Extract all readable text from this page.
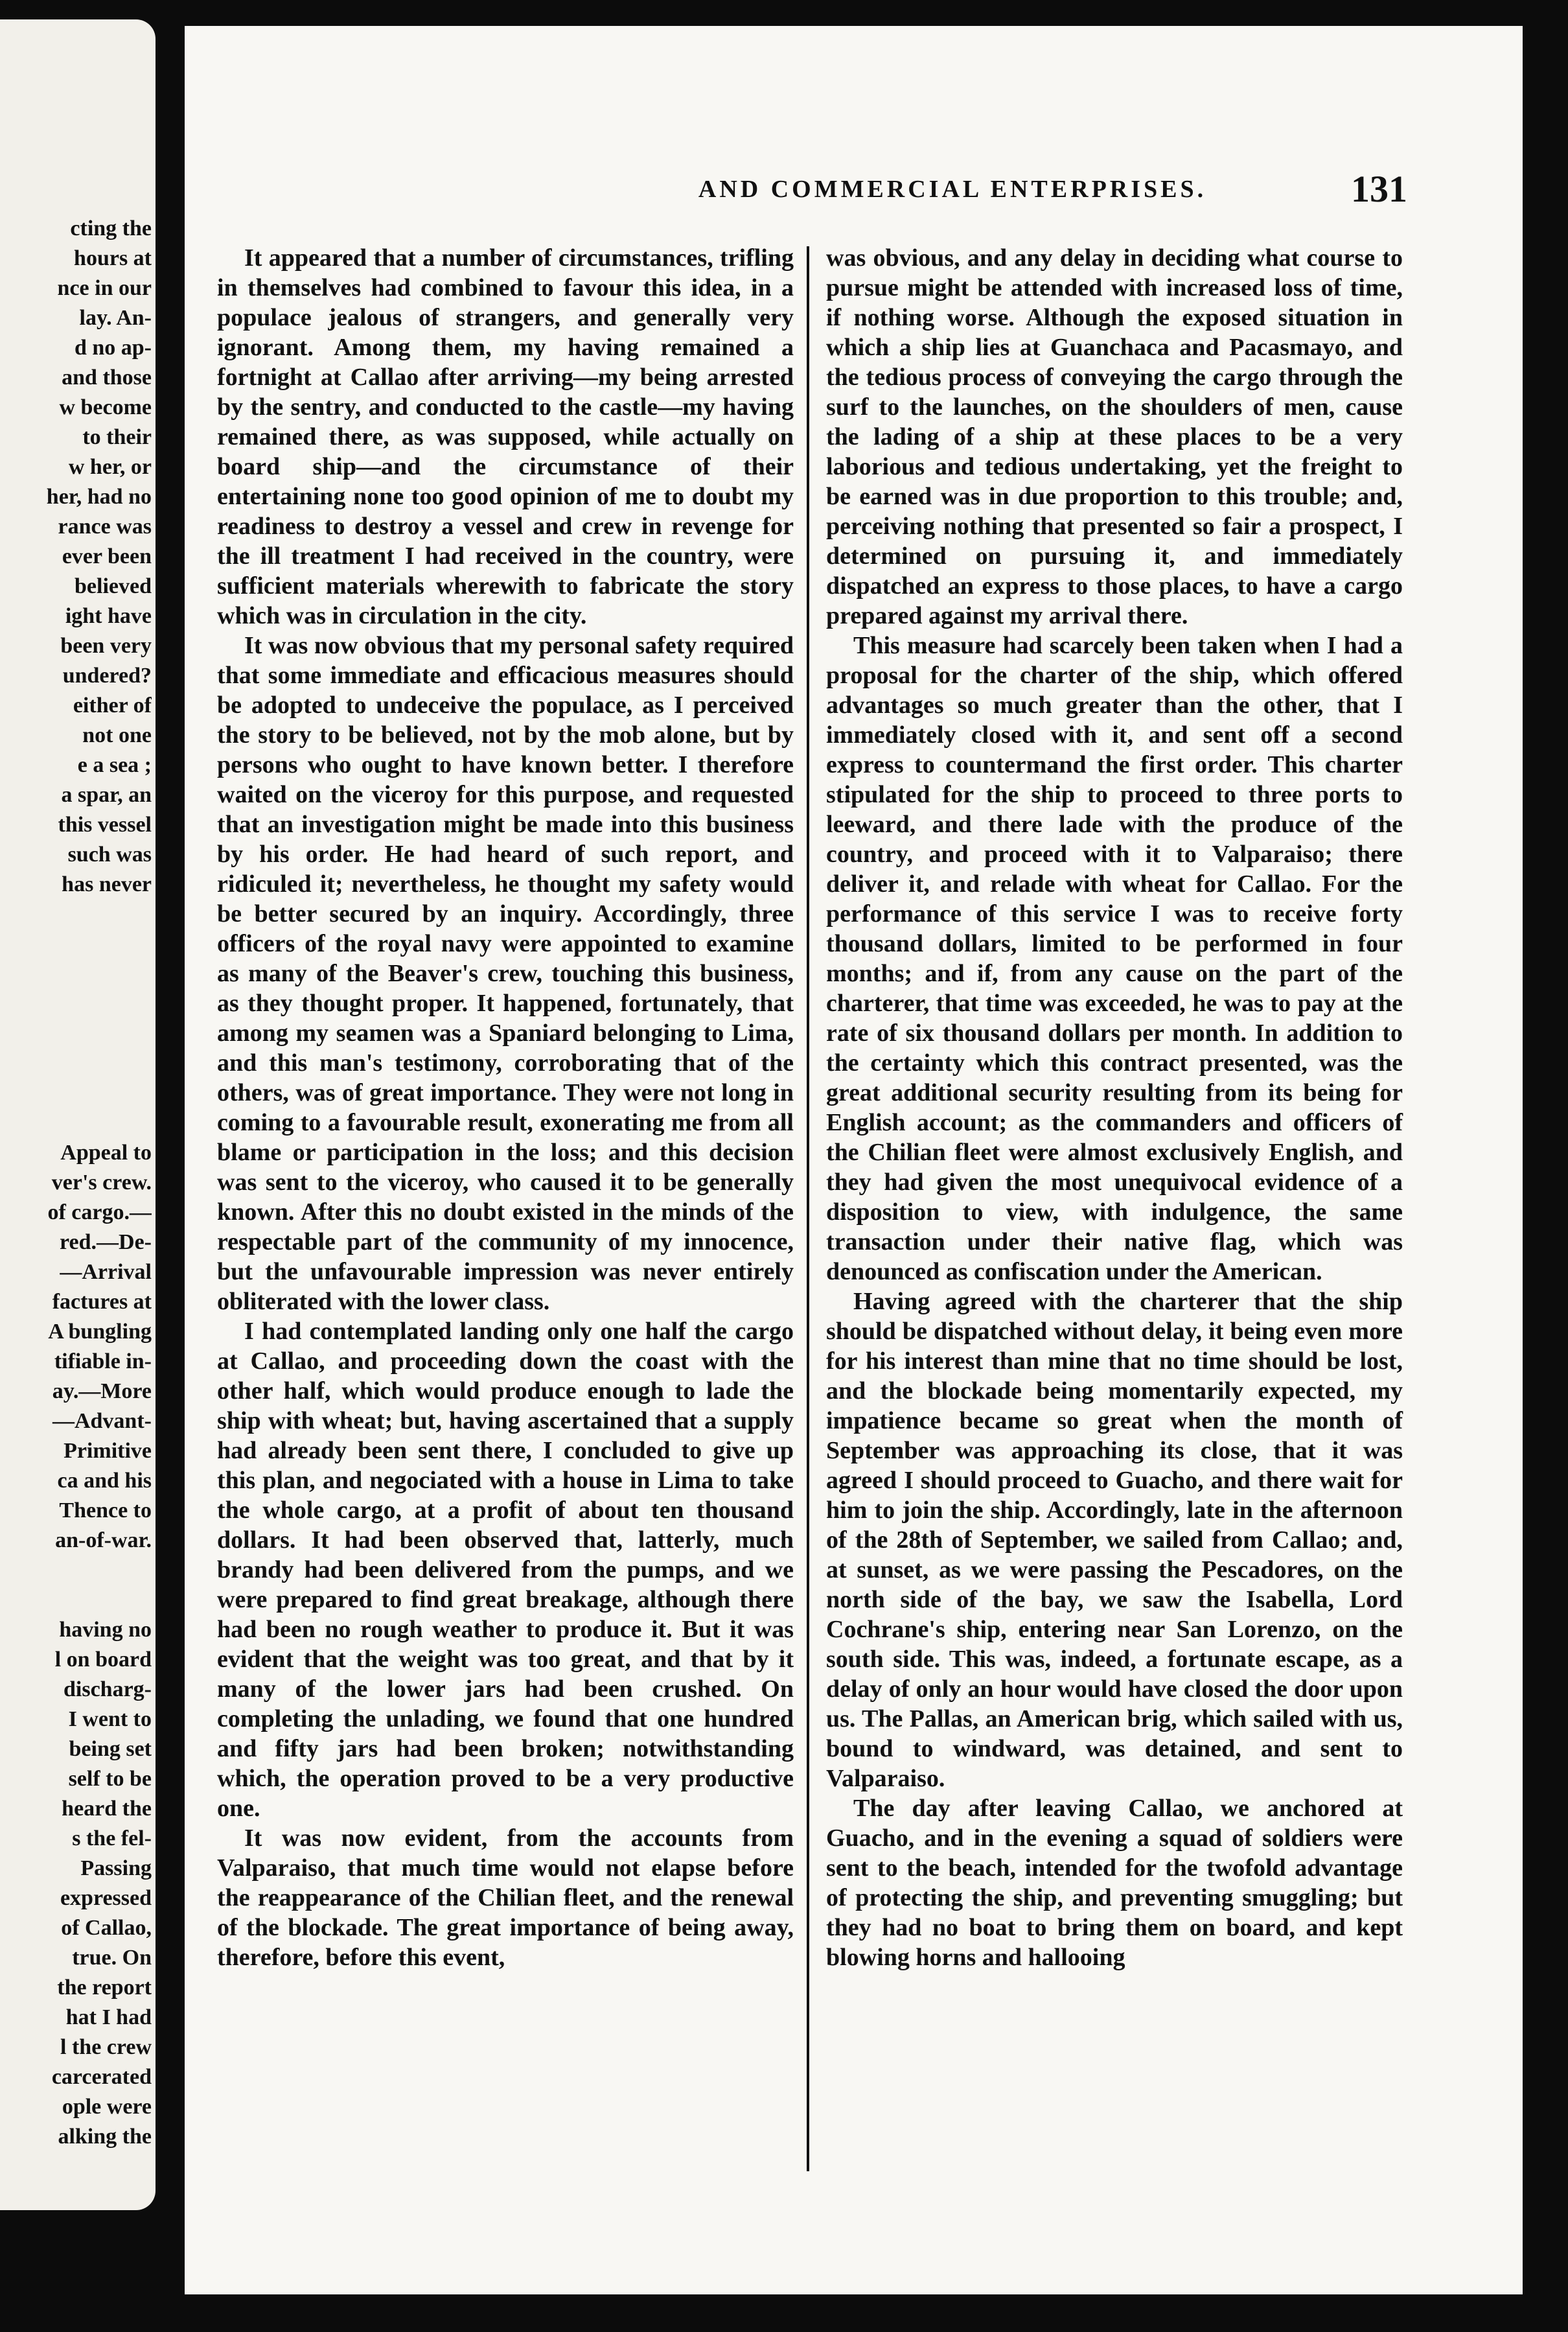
cting the
hours at
nce in our
lay. An-
d no ap-
and those
w become
to their
w her, or
her, had no
rance was
ever been
believed
ight have
been very
undered?
either of
not one
e a sea ;
a spar, an
this vessel
such was
has never
Appeal to
ver's crew.
of cargo.—
red.—De-
—Arrival
factures at
A bungling
tifiable in-
ay.—More
—Advant-
Primitive
ca and his
Thence to
an-of-war.
having no
l on board
discharg-
I went to
being set
self to be
heard the
s the fel-
Passing
expressed
of Callao,
true. On
the report
hat I had
l the crew
carcerated
ople were
alking the
AND COMMERCIAL ENTERPRISES.	131

It appeared that a number of circumstances, trifling in themselves had combined to favour this idea, in a populace jealous of strangers, and generally very ignorant. Among them, my having remained a fortnight at Callao after arriving—my being arrested by the sentry, and conducted to the castle—my having remained there, as was supposed, while actually on board ship—and the circumstance of their entertaining none too good opinion of me to doubt my readiness to destroy a vessel and crew in revenge for the ill treatment I had received in the country, were sufficient materials wherewith to fabricate the story which was in circulation in the city.

It was now obvious that my personal safety required that some immediate and efficacious measures should be adopted to undeceive the populace, as I perceived the story to be believed, not by the mob alone, but by persons who ought to have known better. I therefore waited on the viceroy for this purpose, and requested that an investigation might be made into this business by his order. He had heard of such report, and ridiculed it; nevertheless, he thought my safety would be better secured by an inquiry. Accordingly, three officers of the royal navy were appointed to examine as many of the Beaver's crew, touching this business, as they thought proper. It happened, fortunately, that among my seamen was a Spaniard belonging to Lima, and this man's testimony, corroborating that of the others, was of great importance. They were not long in coming to a favourable result, exonerating me from all blame or participation in the loss; and this decision was sent to the viceroy, who caused it to be generally known. After this no doubt existed in the minds of the respectable part of the community of my innocence, but the unfavourable impression was never entirely obliterated with the lower class.

I had contemplated landing only one half the cargo at Callao, and proceeding down the coast with the other half, which would produce enough to lade the ship with wheat; but, having ascertained that a supply had already been sent there, I concluded to give up this plan, and negociated with a house in Lima to take the whole cargo, at a profit of about ten thousand dollars. It had been observed that, latterly, much brandy had been delivered from the pumps, and we were prepared to find great breakage, although there had been no rough weather to produce it. But it was evident that the weight was too great, and that by it many of the lower jars had been crushed. On completing the unlading, we found that one hundred and fifty jars had been broken; notwithstanding which, the operation proved to be a very productive one.

It was now evident, from the accounts from Valparaiso, that much time would not elapse before the reappearance of the Chilian fleet, and the renewal of the blockade. The great importance of being away, therefore, before this event,

was obvious, and any delay in deciding what course to pursue might be attended with increased loss of time, if nothing worse. Although the exposed situation in which a ship lies at Guanchaca and Pacasmayo, and the tedious process of conveying the cargo through the surf to the launches, on the shoulders of men, cause the lading of a ship at these places to be a very laborious and tedious undertaking, yet the freight to be earned was in due proportion to this trouble; and, perceiving nothing that presented so fair a prospect, I determined on pursuing it, and immediately dispatched an express to those places, to have a cargo prepared against my arrival there.

This measure had scarcely been taken when I had a proposal for the charter of the ship, which offered advantages so much greater than the other, that I immediately closed with it, and sent off a second express to countermand the first order. This charter stipulated for the ship to proceed to three ports to leeward, and there lade with the produce of the country, and proceed with it to Valparaiso; there deliver it, and relade with wheat for Callao. For the performance of this service I was to receive forty thousand dollars, limited to be performed in four months; and if, from any cause on the part of the charterer, that time was exceeded, he was to pay at the rate of six thousand dollars per month. In addition to the certainty which this contract presented, was the great additional security resulting from its being for English account; as the commanders and officers of the Chilian fleet were almost exclusively English, and they had given the most unequivocal evidence of a disposition to view, with indulgence, the same transaction under their native flag, which was denounced as confiscation under the American.

Having agreed with the charterer that the ship should be dispatched without delay, it being even more for his interest than mine that no time should be lost, and the blockade being momentarily expected, my impatience became so great when the month of September was approaching its close, that it was agreed I should proceed to Guacho, and there wait for him to join the ship. Accordingly, late in the afternoon of the 28th of September, we sailed from Callao; and, at sunset, as we were passing the Pescadores, on the north side of the bay, we saw the Isabella, Lord Cochrane's ship, entering near San Lorenzo, on the south side. This was, indeed, a fortunate escape, as a delay of only an hour would have closed the door upon us. The Pallas, an American brig, which sailed with us, bound to windward, was detained, and sent to Valparaiso.

The day after leaving Callao, we anchored at Guacho, and in the evening a squad of soldiers were sent to the beach, intended for the twofold advantage of protecting the ship, and preventing smuggling; but they had no boat to bring them on board, and kept blowing horns and hallooing
